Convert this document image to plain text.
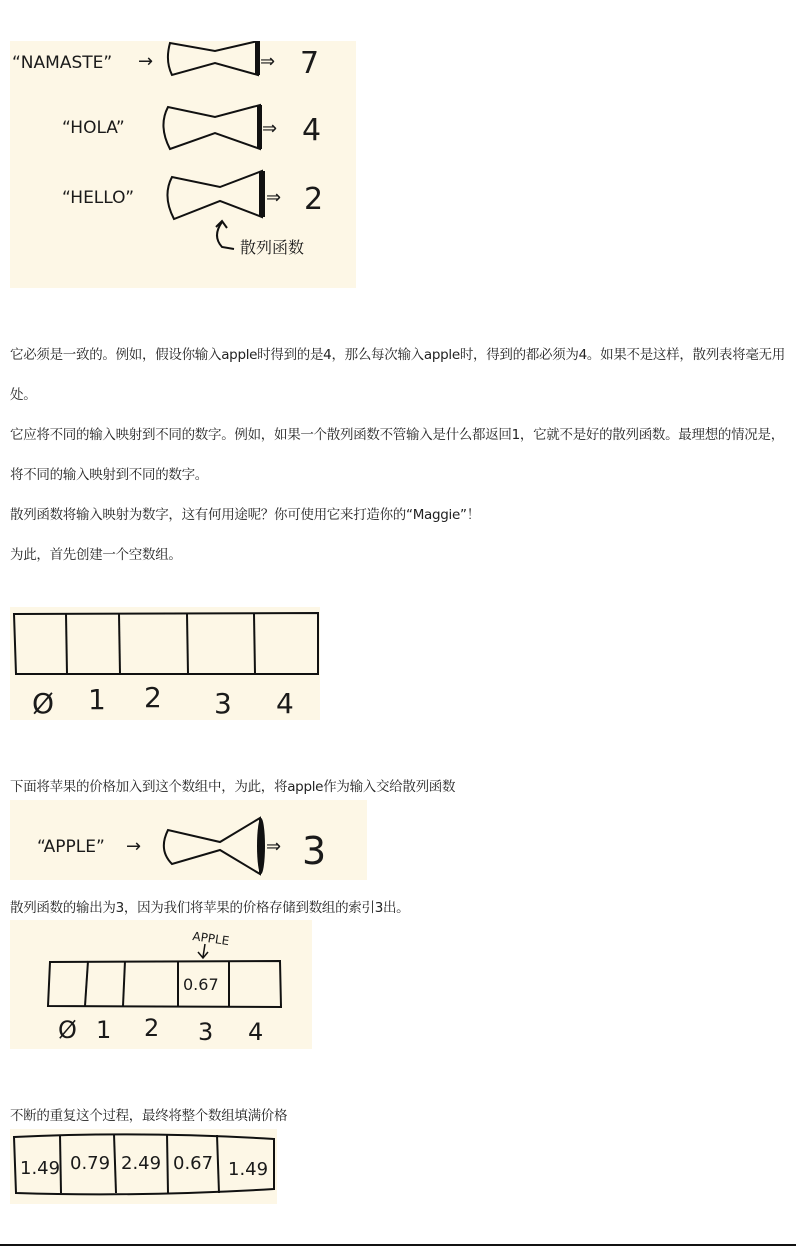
“NAMASTE” →	⇒ 7
“HOLA”	⇒ 4
“HELLO”	⇒ 2
散列函数
它必须是一致的。例如，假设你输入apple时得到的是4，那么每次输入apple时，得到的都必须为4。如果不是这样，散列表将毫无用处。
它应将不同的输入映射到不同的数字。例如，如果一个散列函数不管输入是什么都返回1，它就不是好的散列函数。最理想的情况是，将不同的输入映射到不同的数字。
散列函数将输入映射为数字，这有何用途呢？你可使用它来打造你的“Maggie”！
为此，首先创建一个空数组。
Ø 1 2 3 4
下面将苹果的价格加入到这个数组中，为此，将apple作为输入交给散列函数
“APPLE” →	⇒ 3
散列函数的输出为3，因为我们将苹果的价格存储到数组的索引3出。
APPLE
0.67
Ø 1 2 3 4
不断的重复这个过程，最终将整个数组填满价格
1.49 0.79 2.49 0.67 1.49
